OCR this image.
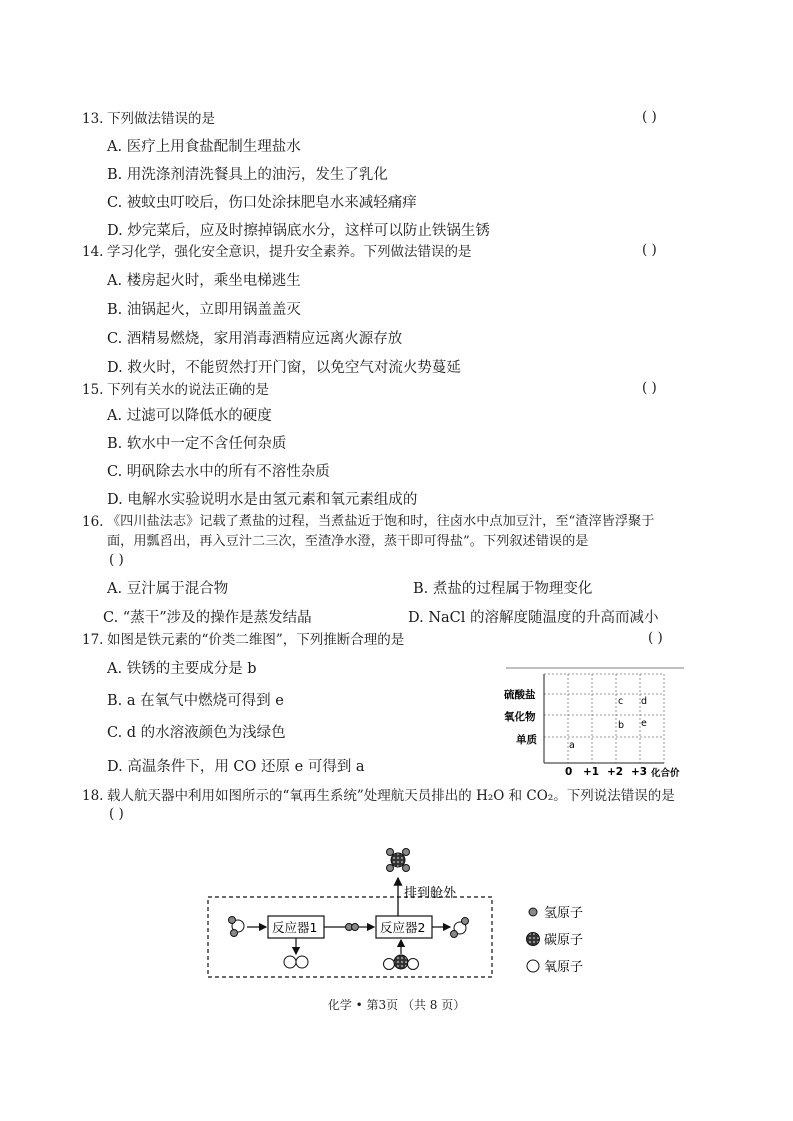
13. 下列做法错误的是	( )
A. 医疗上用食盐配制生理盐水
B. 用洗涤剂清洗餐具上的油污，发生了乳化
C. 被蚊虫叮咬后，伤口处涂抹肥皂水来减轻痛痒
D. 炒完菜后，应及时擦掉锅底水分，这样可以防止铁锅生锈
14. 学习化学，强化安全意识，提升安全素养。下列做法错误的是	( )
A. 楼房起火时，乘坐电梯逃生
B. 油锅起火，立即用锅盖盖灭
C. 酒精易燃烧，家用消毒酒精应远离火源存放
D. 救火时，不能贸然打开门窗，以免空气对流火势蔓延
15. 下列有关水的说法正确的是	( )
A. 过滤可以降低水的硬度
B. 软水中一定不含任何杂质
C. 明矾除去水中的所有不溶性杂质
D. 电解水实验说明水是由氢元素和氧元素组成的
16. 《四川盐法志》记载了煮盐的过程，当煮盐近于饱和时，往卤水中点加豆汁，至“渣滓皆浮聚于
面，用瓢舀出，再入豆汁二三次，至渣净水澄，蒸干即可得盐”。下列叙述错误的是
( )
A. 豆汁属于混合物	B. 煮盐的过程属于物理变化
C. “蒸干”涉及的操作是蒸发结晶	D. NaCl 的溶解度随温度的升高而减小
17. 如图是铁元素的“价类二维图”，下列推断合理的是	( )
A. 铁锈的主要成分是 b
B. a 在氧气中燃烧可得到 e
C. d 的水溶液颜色为浅绿色
D. 高温条件下，用 CO 还原 e 可得到 a
硫酸盐
氧化物
单质
0 +1 +2 +3 化合价
a
b e
c d
18. 载人航天器中利用如图所示的“氧再生系统”处理航天员排出的 H₂O 和 CO₂。下列说法错误的是
( )
排到舱外
反应器1	反应器2
氢原子
碳原子
氧原子
化学 • 第3页 （共 8 页）
